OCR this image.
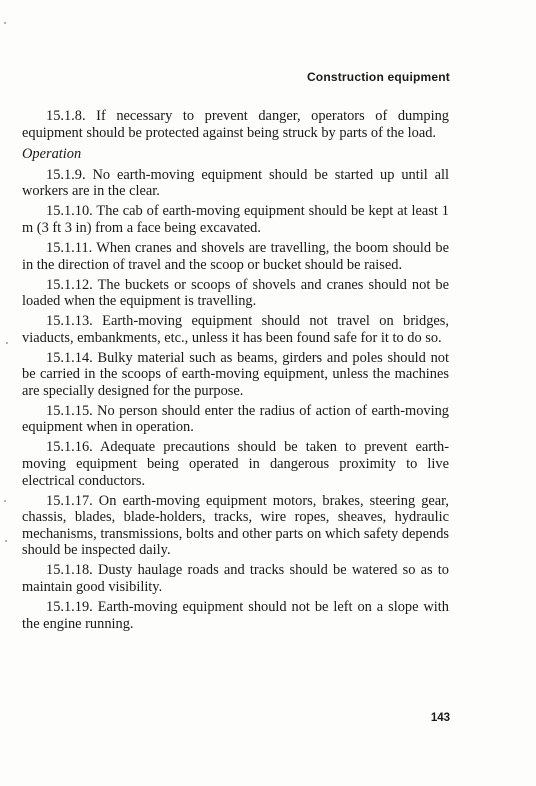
Construction equipment

15.1.8. If necessary to prevent danger, operators of dumping equipment should be protected against being struck by parts of the load.

Operation

15.1.9. No earth-moving equipment should be started up until all workers are in the clear.

15.1.10. The cab of earth-moving equipment should be kept at least 1 m (3 ft 3 in) from a face being excavated.

15.1.11. When cranes and shovels are travelling, the boom should be in the direction of travel and the scoop or bucket should be raised.

15.1.12. The buckets or scoops of shovels and cranes should not be loaded when the equipment is travelling.

15.1.13. Earth-moving equipment should not travel on bridges, viaducts, embankments, etc., unless it has been found safe for it to do so.

15.1.14. Bulky material such as beams, girders and poles should not be carried in the scoops of earth-moving equipment, unless the machines are specially designed for the purpose.

15.1.15. No person should enter the radius of action of earth-moving equipment when in operation.

15.1.16. Adequate precautions should be taken to prevent earth-moving equipment being operated in dangerous proximity to live electrical conductors.

15.1.17. On earth-moving equipment motors, brakes, steering gear, chassis, blades, blade-holders, tracks, wire ropes, sheaves, hydraulic mechanisms, transmissions, bolts and other parts on which safety depends should be inspected daily.

15.1.18. Dusty haulage roads and tracks should be watered so as to maintain good visibility.

15.1.19. Earth-moving equipment should not be left on a slope with the engine running.

143
